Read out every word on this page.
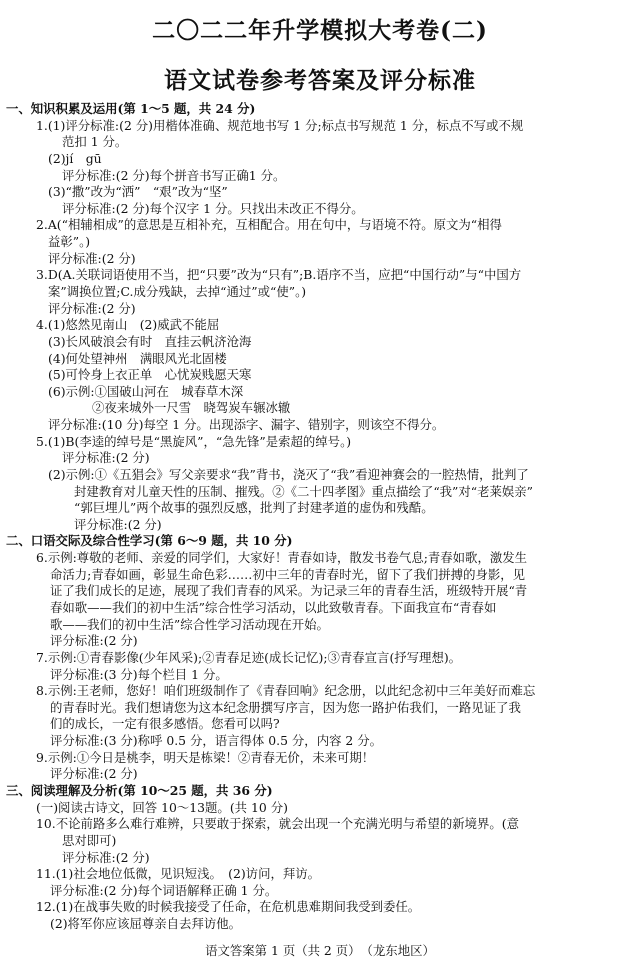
二〇二二年升学模拟大考卷(二)
语文试卷参考答案及评分标准
一、知识积累及运用(第 1～5 题，共 24 分)
1.(1)评分标准:(2 分)用楷体准确、规范地书写 1 分;标点书写规范 1 分，标点不写或不规
范扣 1 分。
(2)jí　gū
评分标准:(2 分)每个拼音书写正确1 分。
(3)“撒”改为“洒”　“艰”改为“坚”
评分标准:(2 分)每个汉字 1 分。只找出未改正不得分。
2.A(“相辅相成”的意思是互相补充，互相配合。用在句中，与语境不符。原文为“相得
益彰”。)
评分标准:(2 分)
3.D(A.关联词语使用不当，把“只要”改为“只有”;B.语序不当，应把“中国行动”与“中国方
案”调换位置;C.成分残缺，去掉“通过”或“使”。)
评分标准:(2 分)
4.(1)悠然见南山　(2)威武不能屈
(3)长风破浪会有时　直挂云帆济沧海
(4)何处望神州　满眼风光北固楼
(5)可怜身上衣正单　心忧炭贱愿天寒
(6)示例:①国破山河在　城春草木深
②夜来城外一尺雪　晓驾炭车辗冰辙
评分标准:(10 分)每空 1 分。出现添字、漏字、错别字，则该空不得分。
5.(1)B(李逵的绰号是“黑旋风”，“急先锋”是索超的绰号。)
评分标准:(2 分)
(2)示例:①《五猖会》写父亲要求“我”背书，浇灭了“我”看迎神赛会的一腔热情，批判了
封建教育对儿童天性的压制、摧残。②《二十四孝图》重点描绘了“我”对“老莱娱亲”
“郭巨埋儿”两个故事的强烈反感，批判了封建孝道的虚伪和残酷。
评分标准:(2 分)
二、口语交际及综合性学习(第 6～9 题，共 10 分)
6.示例:尊敬的老师、亲爱的同学们，大家好！青春如诗，散发书卷气息;青春如歌，激发生
命活力;青春如画，彰显生命色彩……初中三年的青春时光，留下了我们拼搏的身影，见
证了我们成长的足迹，展现了我们青春的风采。为记录三年的青春生活，班级特开展“青
春如歌——我们的初中生活”综合性学习活动，以此致敬青春。下面我宣布“青春如
歌——我们的初中生活”综合性学习活动现在开始。
评分标准:(2 分)
7.示例:①青春影像(少年风采);②青春足迹(成长记忆);③青春宣言(抒写理想)。
评分标准:(3 分)每个栏目 1 分。
8.示例:王老师，您好！咱们班级制作了《青春回响》纪念册，以此纪念初中三年美好而难忘
的青春时光。我们想请您为这本纪念册撰写序言，因为您一路护佑我们，一路见证了我
们的成长，一定有很多感悟。您看可以吗?
评分标准:(3 分)称呼 0.5 分，语言得体 0.5 分，内容 2 分。
9.示例:①今日是桃李，明天是栋梁！②青春无价，未来可期！
评分标准:(2 分)
三、阅读理解及分析(第 10～25 题，共 36 分)
(一)阅读古诗文，回答 10～13题。(共 10 分)
10.不论前路多么难行难辨，只要敢于探索，就会出现一个充满光明与希望的新境界。(意
思对即可)
评分标准:(2 分)
11.(1)社会地位低微，见识短浅。　(2)访问，拜访。
评分标准:(2 分)每个词语解释正确 1 分。
12.(1)在战事失败的时候我接受了任命，在危机患难期间我受到委任。
(2)将军你应该屈尊亲自去拜访他。
语文答案第 1 页（共 2 页）　（龙东地区）
